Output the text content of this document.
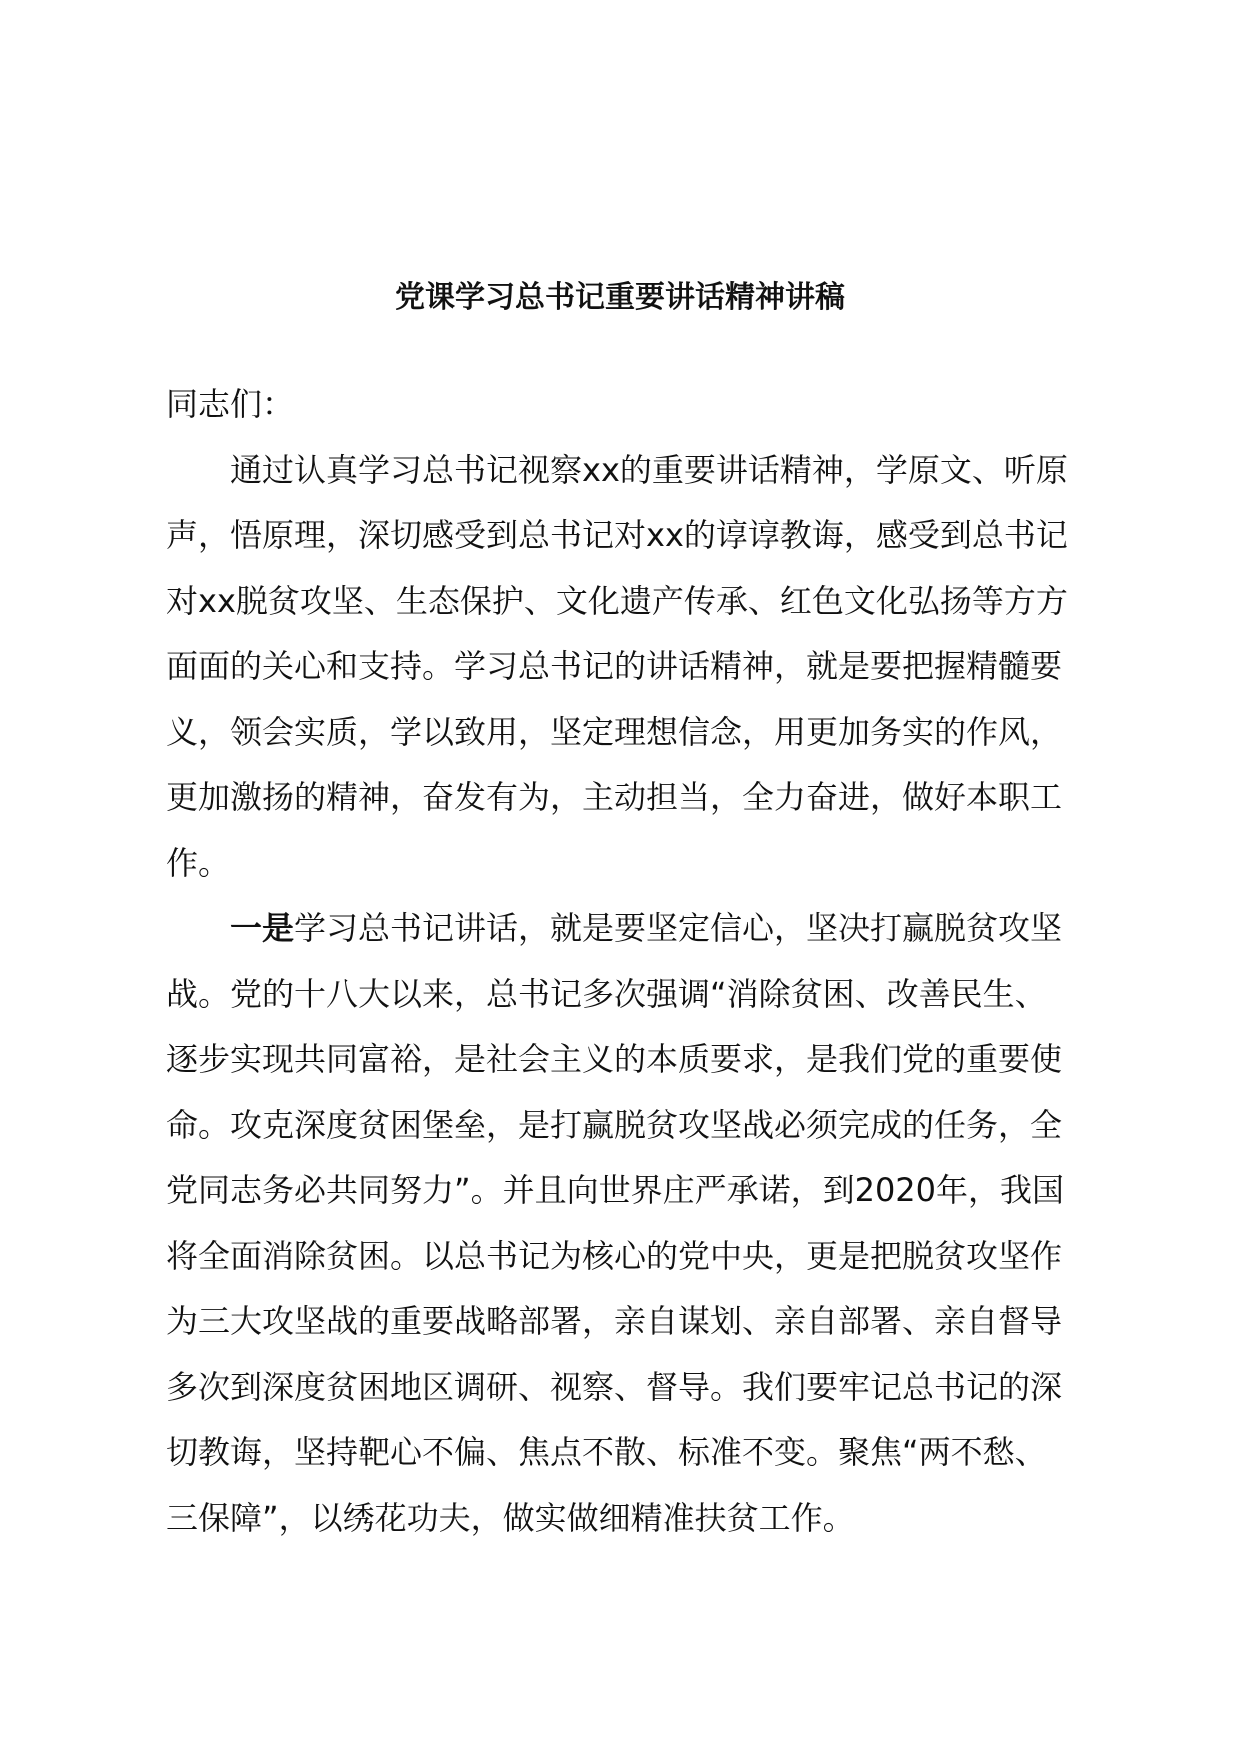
党课学习总书记重要讲话精神讲稿

同志们：

　　通过认真学习总书记视察xx的重要讲话精神，学原文、听原
声，悟原理，深切感受到总书记对xx的谆谆教诲，感受到总书记
对xx脱贫攻坚、生态保护、文化遗产传承、红色文化弘扬等方方
面面的关心和支持。学习总书记的讲话精神，就是要把握精髓要
义，领会实质，学以致用，坚定理想信念，用更加务实的作风，
更加激扬的精神，奋发有为，主动担当，全力奋进，做好本职工
作。

　　一是学习总书记讲话，就是要坚定信心，坚决打赢脱贫攻坚
战。党的十八大以来，总书记多次强调“消除贫困、改善民生、
逐步实现共同富裕，是社会主义的本质要求，是我们党的重要使
命。攻克深度贫困堡垒，是打赢脱贫攻坚战必须完成的任务，全
党同志务必共同努力”。并且向世界庄严承诺，到2020年，我国
将全面消除贫困。以总书记为核心的党中央，更是把脱贫攻坚作
为三大攻坚战的重要战略部署，亲自谋划、亲自部署、亲自督导
多次到深度贫困地区调研、视察、督导。我们要牢记总书记的深
切教诲，坚持靶心不偏、焦点不散、标准不变。聚焦“两不愁、
三保障”，以绣花功夫，做实做细精准扶贫工作。
